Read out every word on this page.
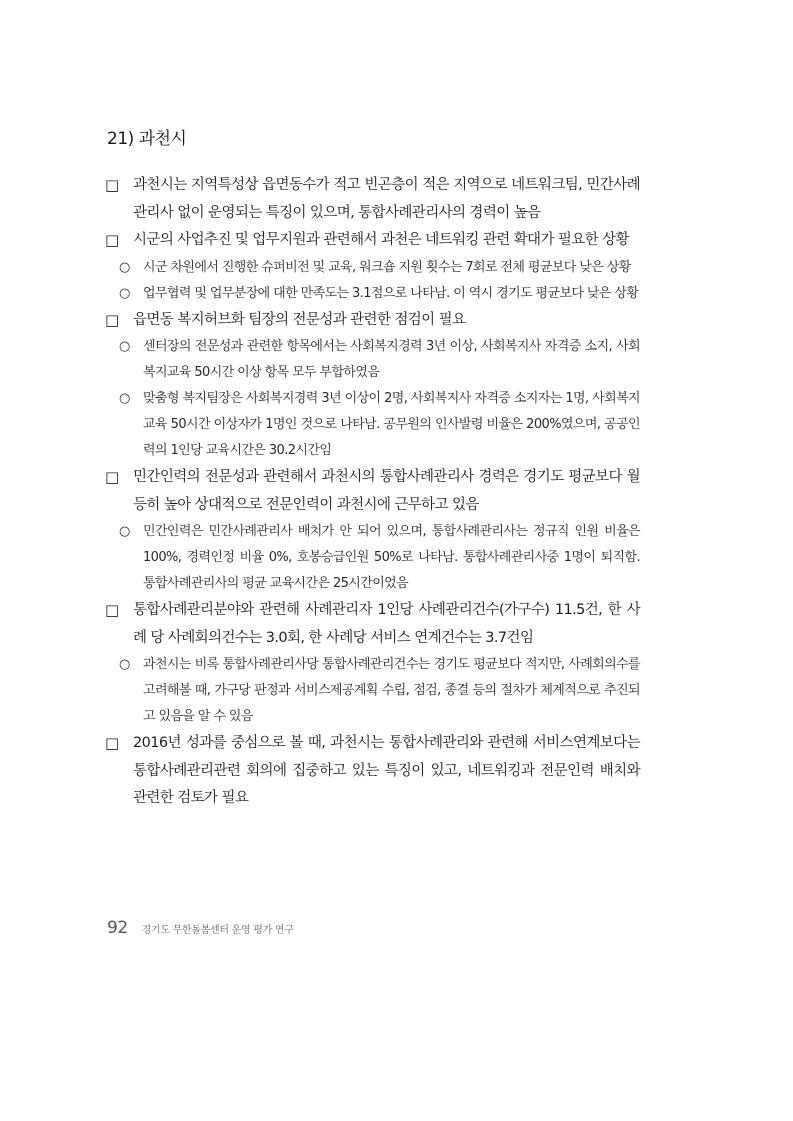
21) 과천시

□ 과천시는 지역특성상 읍면동수가 적고 빈곤층이 적은 지역으로 네트워크팀, 민간사례관리사 없이 운영되는 특징이 있으며, 통합사례관리사의 경력이 높음

□ 시군의 사업추진 및 업무지원과 관련해서 과천은 네트워킹 관련 확대가 필요한 상황

○ 시군 차원에서 진행한 슈퍼비전 및 교육, 워크숍 지원 횟수는 7회로 전체 평균보다 낮은 상황

○ 업무협력 및 업무분장에 대한 만족도는 3.1점으로 나타남. 이 역시 경기도 평균보다 낮은 상황

□ 읍면동 복지허브화 팀장의 전문성과 관련한 점검이 필요

○ 센터장의 전문성과 관련한 항목에서는 사회복지경력 3년 이상, 사회복지사 자격증 소지, 사회복지교육 50시간 이상 항목 모두 부합하였음

○ 맞춤형 복지팀장은 사회복지경력 3년 이상이 2명, 사회복지사 자격증 소지자는 1명, 사회복지교육 50시간 이상자가 1명인 것으로 나타남. 공무원의 인사발령 비율은 200%였으며, 공공인력의 1인당 교육시간은 30.2시간임

□ 민간인력의 전문성과 관련해서 과천시의 통합사례관리사 경력은 경기도 평균보다 월등히 높아 상대적으로 전문인력이 과천시에 근무하고 있음

○ 민간인력은 민간사례관리사 배치가 안 되어 있으며, 통합사례관리사는 정규직 인원 비율은 100%, 경력인정 비율 0%, 호봉승급인원 50%로 나타남. 통합사례관리사중 1명이 퇴직함. 통합사례관리사의 평균 교육시간은 25시간이었음

□ 통합사례관리분야와 관련해 사례관리자 1인당 사례관리건수(가구수) 11.5건, 한 사례 당 사례회의건수는 3.0회, 한 사례당 서비스 연계건수는 3.7건임

○ 과천시는 비록 통합사례관리사당 통합사례관리건수는 경기도 평균보다 적지만, 사례회의수를 고려해볼 때, 가구당 판정과 서비스제공계획 수립, 점검, 종결 등의 절차가 체계적으로 추진되고 있음을 알 수 있음

□ 2016년 성과를 중심으로 볼 때, 과천시는 통합사례관리와 관련해 서비스연계보다는 통합사례관리관련 회의에 집중하고 있는 특징이 있고, 네트워킹과 전문인력 배치와 관련한 검토가 필요

92 경기도 무한돌봄센터 운영 평가 연구
